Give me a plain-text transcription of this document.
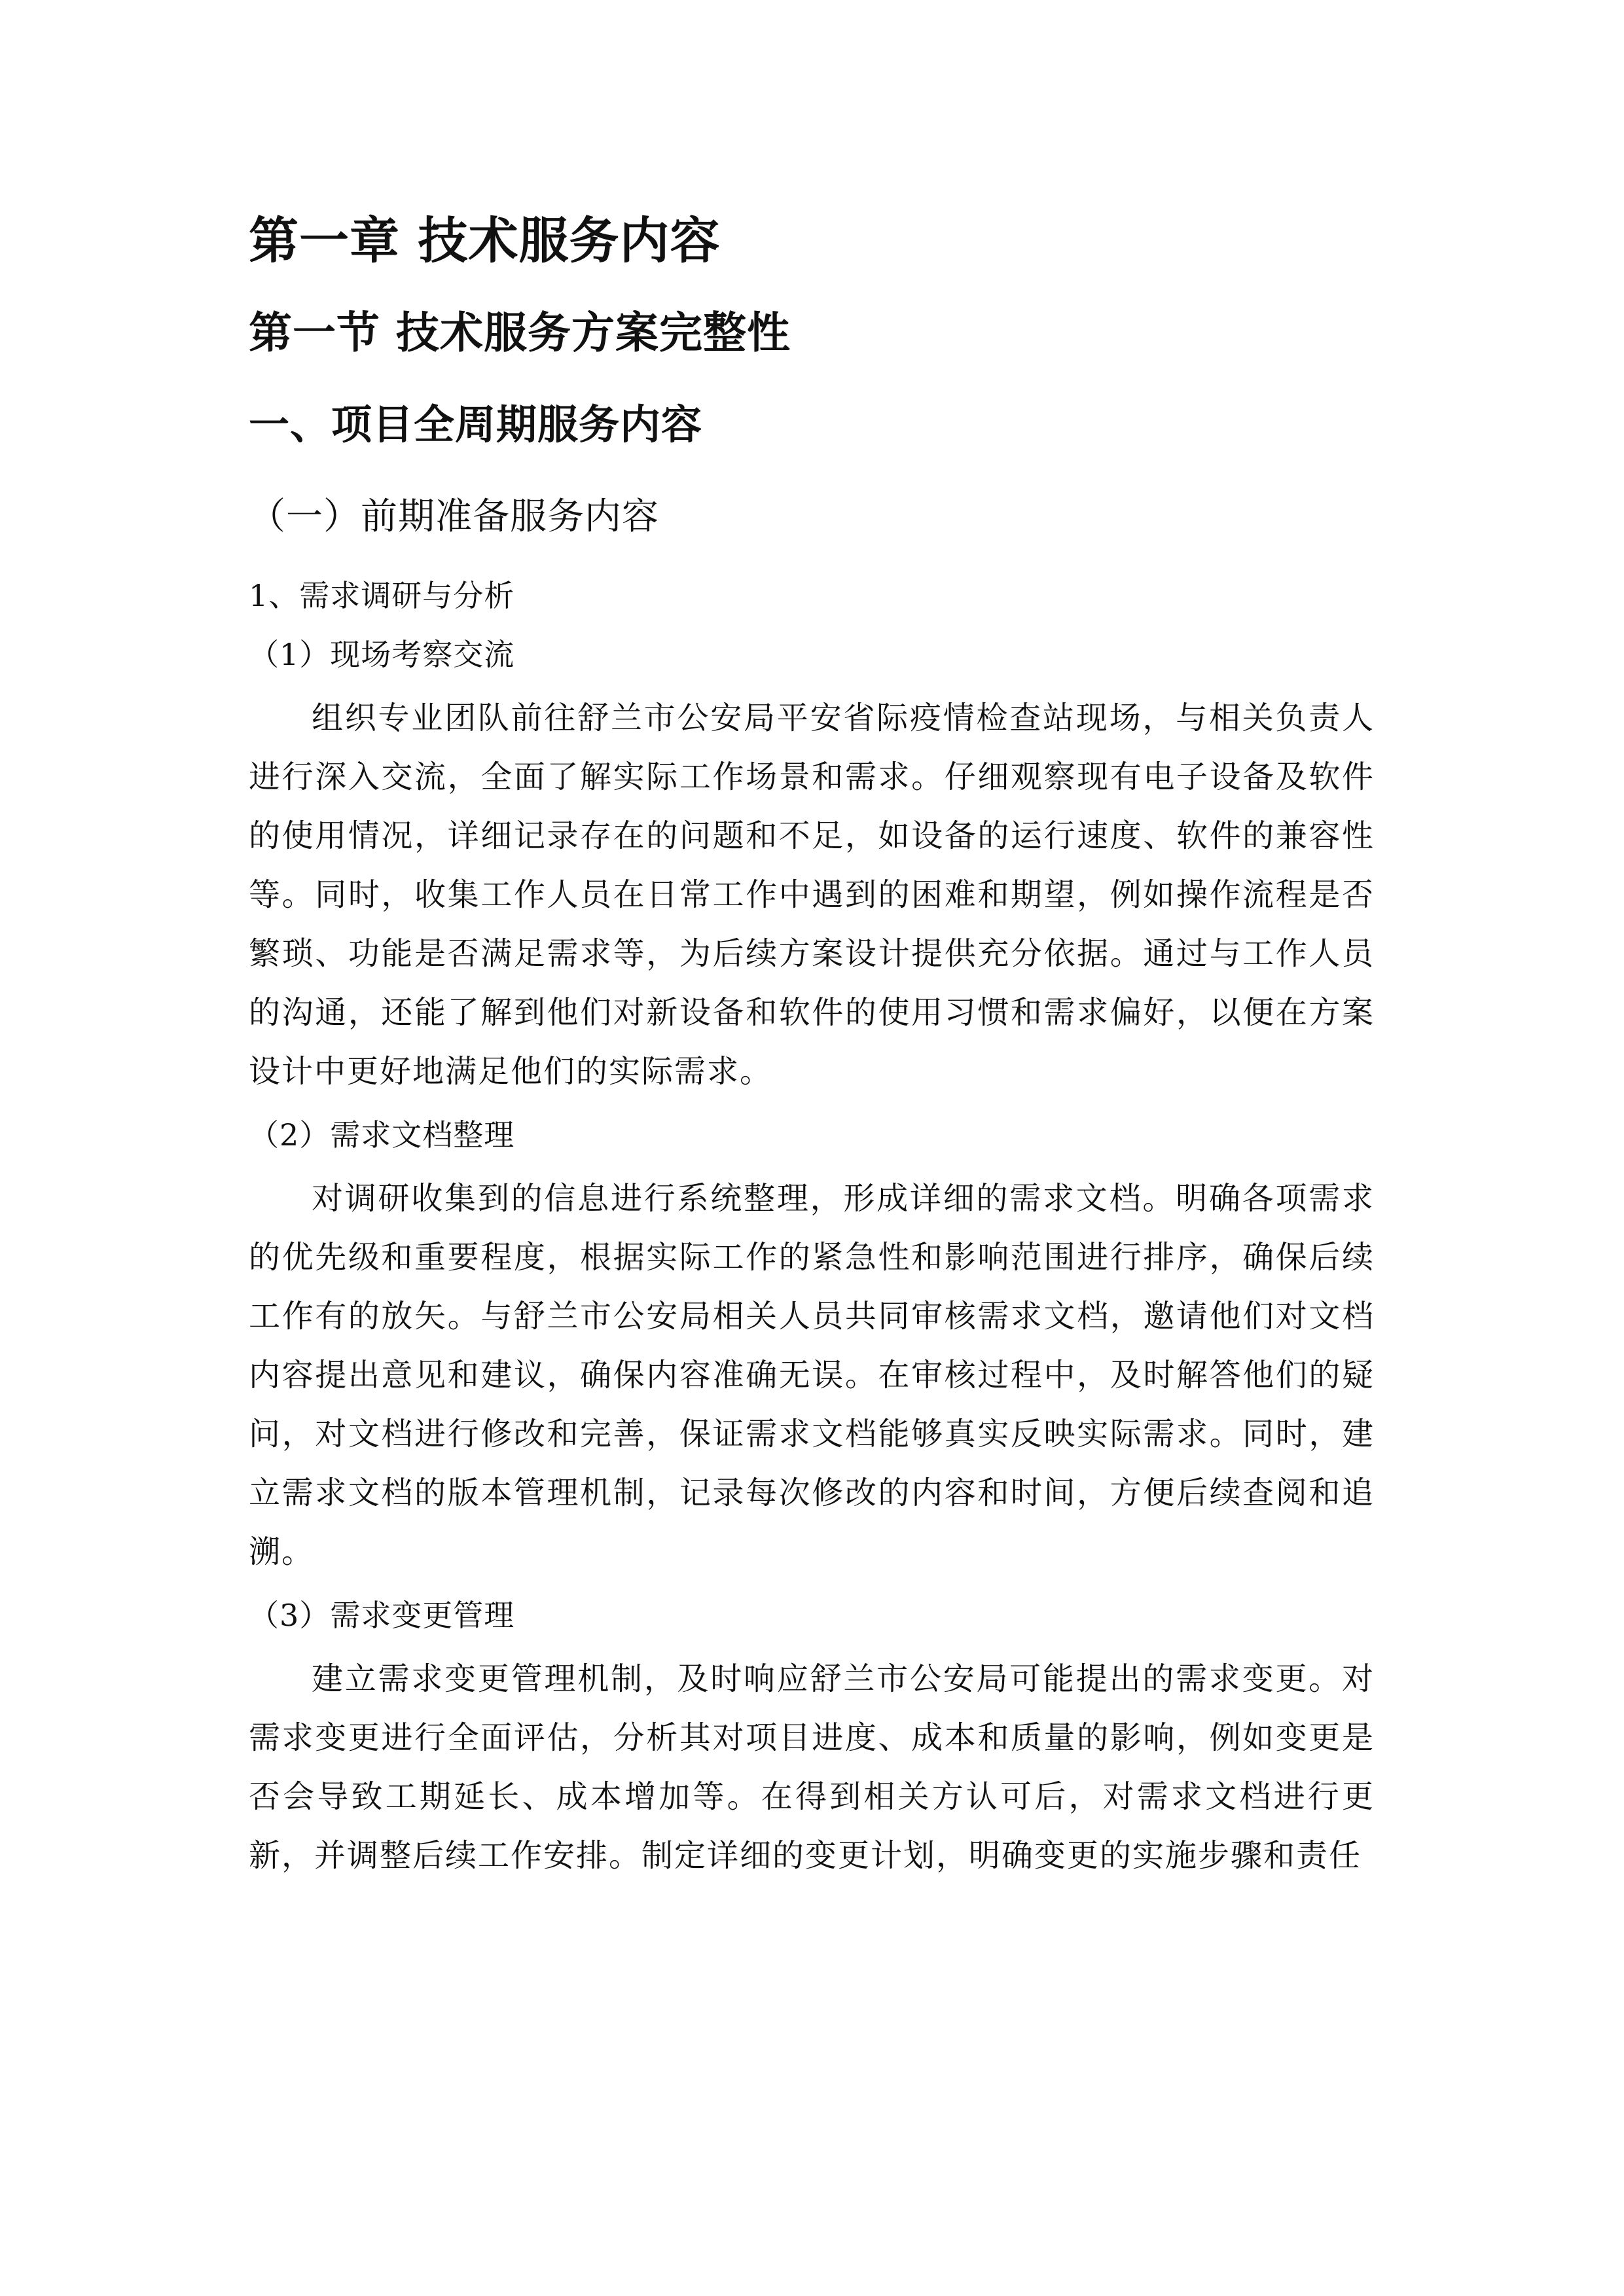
第一章 技术服务内容
第一节 技术服务方案完整性
一、项目全周期服务内容
（一）前期准备服务内容
1、需求调研与分析
（1）现场考察交流

组织专业团队前往舒兰市公安局平安省际疫情检查站现场，与相关负责人进行深入交流，全面了解实际工作场景和需求。仔细观察现有电子设备及软件的使用情况，详细记录存在的问题和不足，如设备的运行速度、软件的兼容性等。同时，收集工作人员在日常工作中遇到的困难和期望，例如操作流程是否繁琐、功能是否满足需求等，为后续方案设计提供充分依据。通过与工作人员的沟通，还能了解到他们对新设备和软件的使用习惯和需求偏好，以便在方案设计中更好地满足他们的实际需求。

（2）需求文档整理

对调研收集到的信息进行系统整理，形成详细的需求文档。明确各项需求的优先级和重要程度，根据实际工作的紧急性和影响范围进行排序，确保后续工作有的放矢。与舒兰市公安局相关人员共同审核需求文档，邀请他们对文档内容提出意见和建议，确保内容准确无误。在审核过程中，及时解答他们的疑问，对文档进行修改和完善，保证需求文档能够真实反映实际需求。同时，建立需求文档的版本管理机制，记录每次修改的内容和时间，方便后续查阅和追溯。

（3）需求变更管理

建立需求变更管理机制，及时响应舒兰市公安局可能提出的需求变更。对需求变更进行全面评估，分析其对项目进度、成本和质量的影响，例如变更是否会导致工期延长、成本增加等。在得到相关方认可后，对需求文档进行更新，并调整后续工作安排。制定详细的变更计划，明确变更的实施步骤和责任
